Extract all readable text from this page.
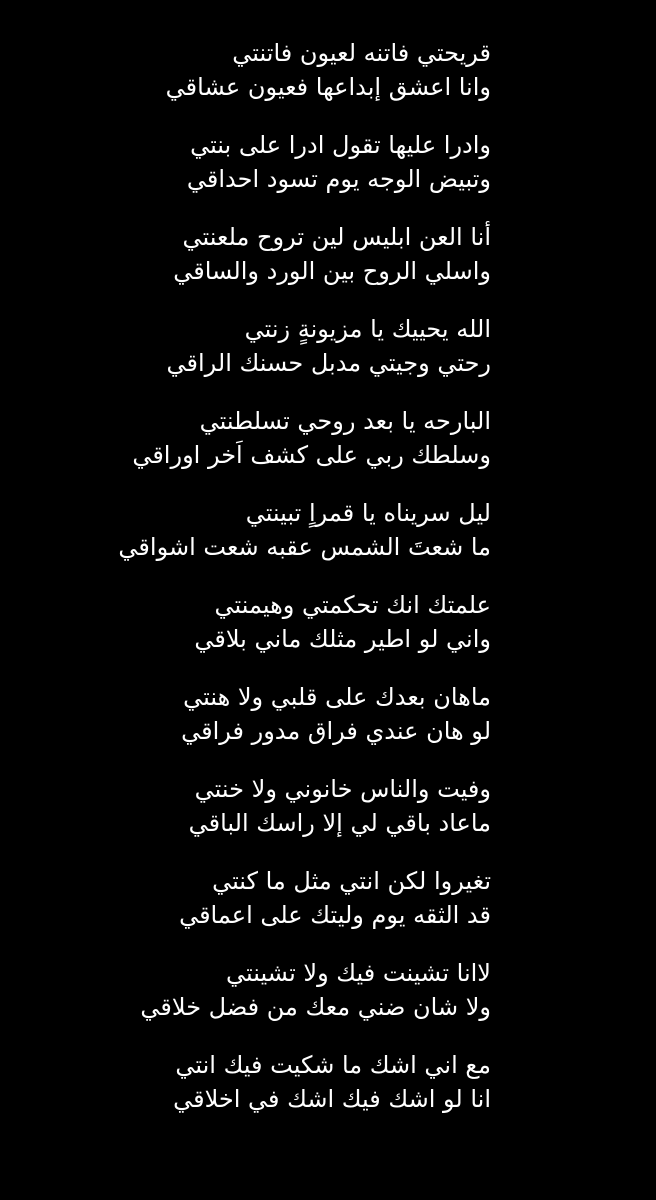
قريحتي فاتنه لعيون فاتنتي
وانا اعشق إبداعها فعيون عشاقي
وادرا عليها تقول ادرا على بنتي
وتبيض الوجه يوم تسود احداقي
أنا العن ابليس لين تروح ملعنتي
واسلي الروح بين الورد والساقي
الله يحييك يا مزيونةٍ زنتي
رحتي وجيتي مدبل حسنك الراقي
البارحه يا بعد روحي تسلطنتي
وسلطك ربي على كشف اَخر اوراقي
ليل سريناه يا قمراٍ تبينتي
ما شعتَ الشمس عقبه شعت اشواقي
علمتك انك تحكمتي وهيمنتي
واني لو اطير مثلك ماني بلاقي
ماهان بعدك على قلبي ولا هنتي
لو هان عندي فراق مدور فراقي
وفيت والناس خانوني ولا خنتي
ماعاد باقي لي إلا راسك الباقي
تغيروا لكن انتي مثل ما كنتي
قد الثقه يوم وليتك على اعماقي
لاانا تشينت فيك ولا تشينتي
ولا شان ضني معك من فضل خلاقي
مع اني اشك ما شكيت فيك انتي
انا لو اشك فيك اشك في اخلاقي
